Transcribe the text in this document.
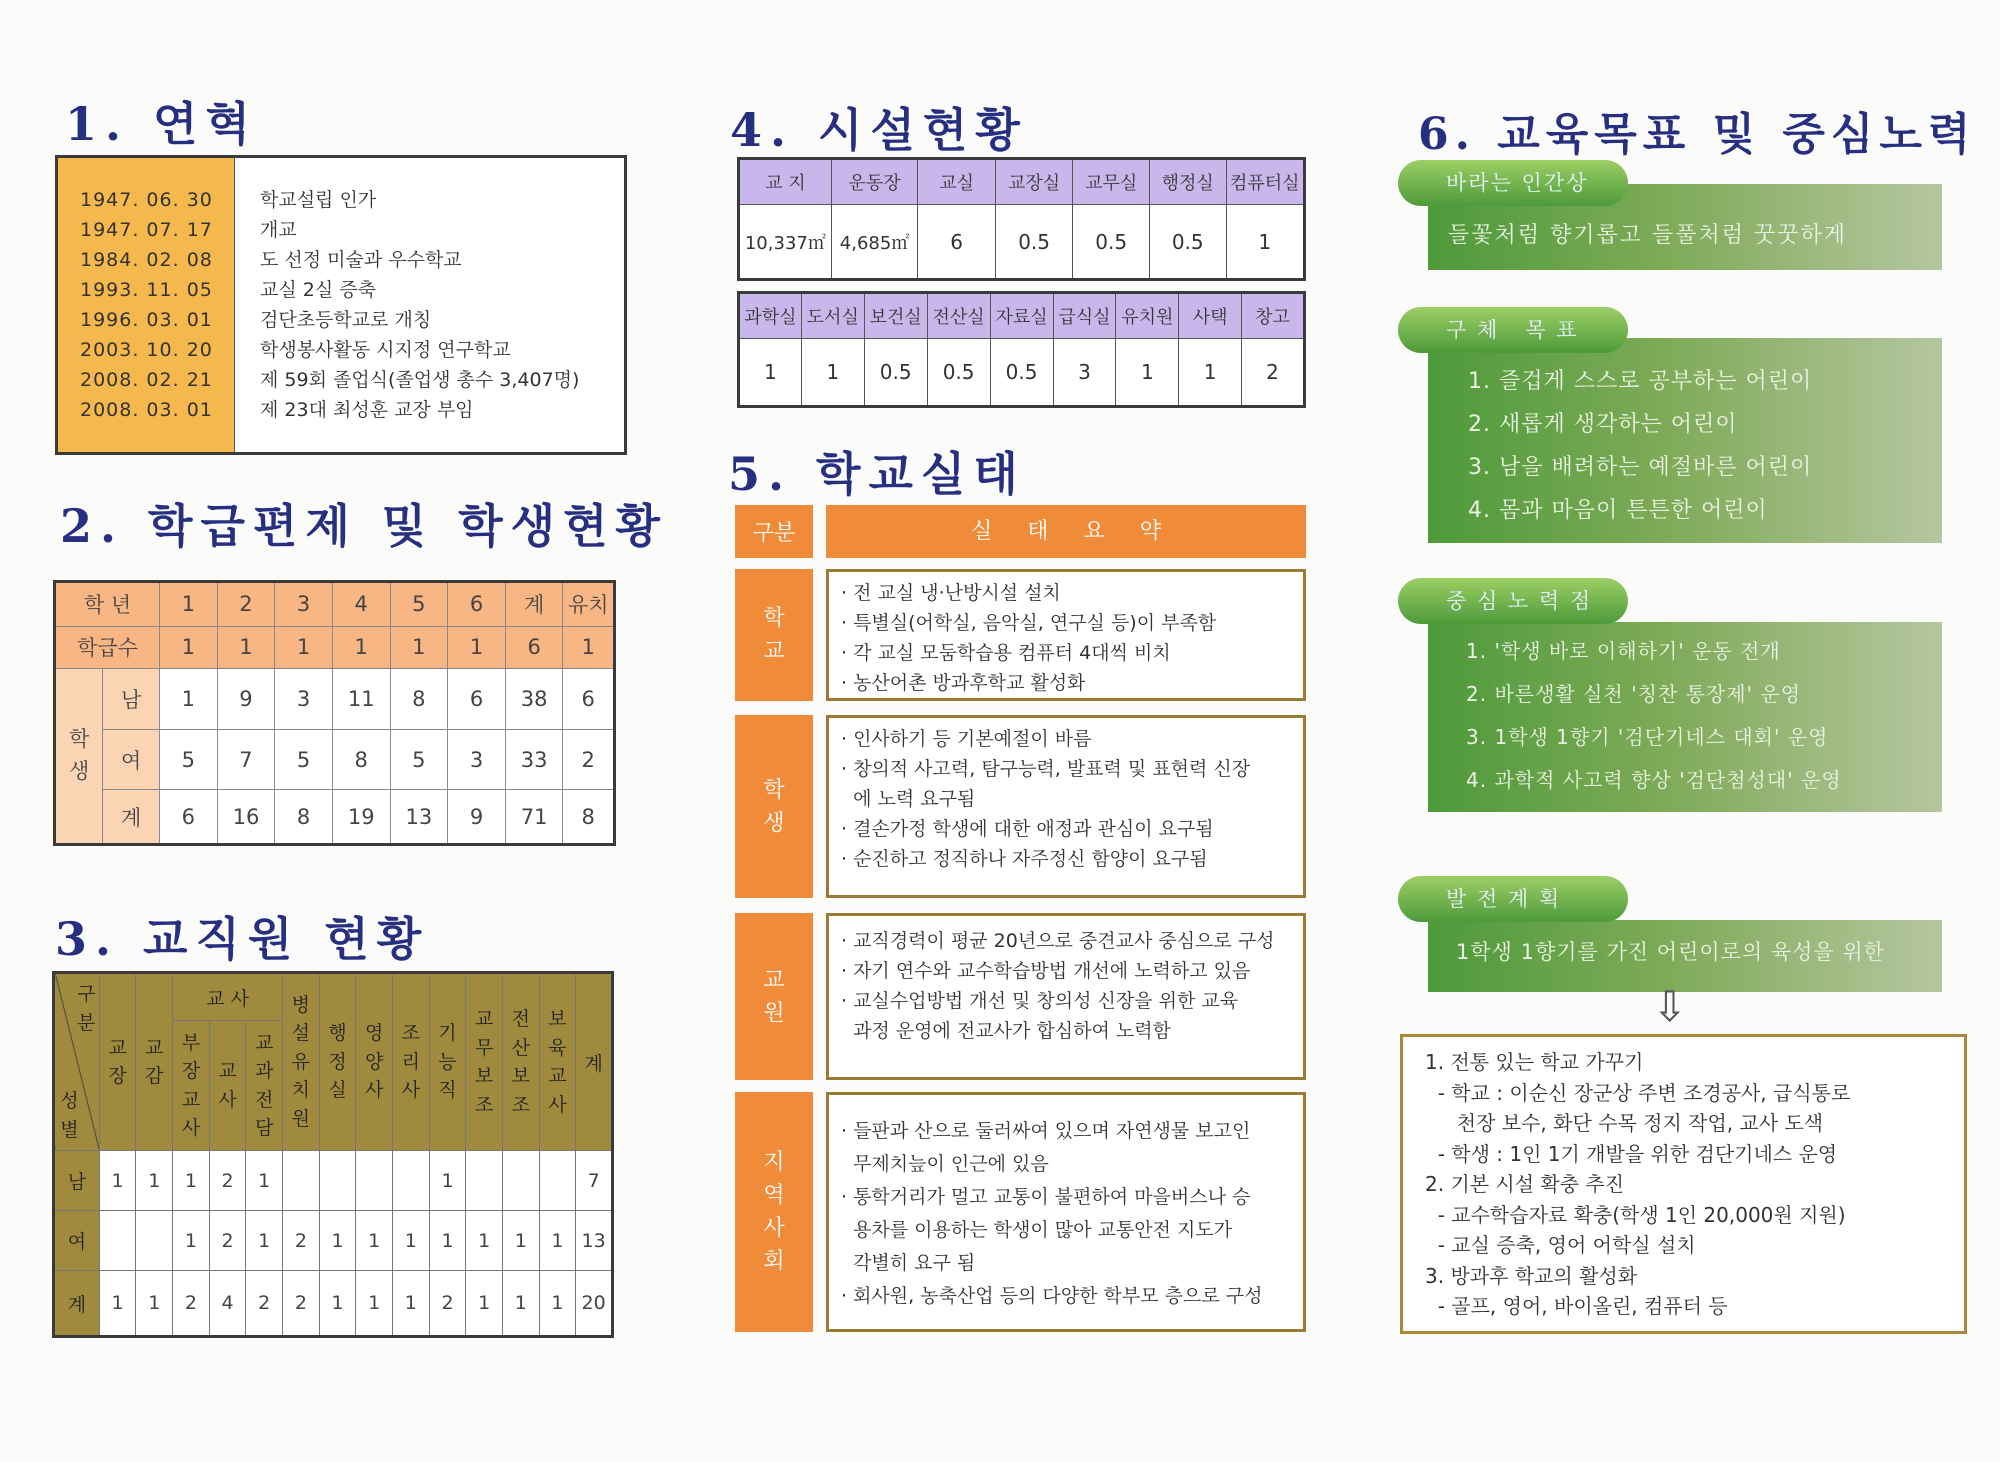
1. 연혁
1947. 06. 30 학교설립 인가
1947. 07. 17 개교
1984. 02. 08 도 선정 미술과 우수학교
1993. 11. 05 교실 2실 증축
1996. 03. 01 검단초등학교로 개칭
2003. 10. 20 학생봉사활동 시지정 연구학교
2008. 02. 21 제 59회 졸업식(졸업생 총수 3,407명)
2008. 03. 01 제 23대 최성훈 교장 부임
2. 학급편제 및 학생현황
학 년		1	2	3	4	5	6	계	유치
학급수		1	1	1	1	1	1	6	1
학생	남	1	9	3	11	8	6	38	6
	여	5	7	5	8	5	3	33	2
	계	6	16	8	19	13	9	71	8
3. 교직원 현황
구분
성별	교장	교감	교 사			병설유치원	행정실	영양사	조리사	기능직	교무보조	전산보조	보육교사	계
			부장교사	교사	교과전담									
남	1	1	1	2	1					1				7
여			1	2	1	2	1	1	1	1	1	1	1	13
계	1	1	2	4	2	2	1	1	1	2	1	1	1	20
4. 시설현황
교 지	운동장	교실	교장실	교무실	행정실	컴퓨터실
10,337㎡	4,685㎡	6	0.5	0.5	0.5	1
과학실	도서실	보건실	전산실	자료실	급식실	유치원	사택	창고
1	1	0.5	0.5	0.5	3	1	1	2
5. 학교실태
구분	실     태     요     약
학교
· 전 교실 냉·난방시설 설치
· 특별실(어학실, 음악실, 연구실 등)이 부족함
· 각 교실 모둠학습용 컴퓨터 4대씩 비치
· 농산어촌 방과후학교 활성화
학생
· 인사하기 등 기본예절이 바름
· 창의적 사고력, 탐구능력, 발표력 및 표현력 신장
에 노력 요구됨
· 결손가정 학생에 대한 애정과 관심이 요구됨
· 순진하고 정직하나 자주정신 함양이 요구됨
교원
· 교직경력이 평균 20년으로 중견교사 중심으로 구성
· 자기 연수와 교수학습방법 개선에 노력하고 있음
· 교실수업방법 개선 및 창의성 신장을 위한 교육
과정 운영에 전교사가 합심하여 노력함
지역사회
· 들판과 산으로 둘러싸여 있으며 자연생물 보고인
무제치늪이 인근에 있음
· 통학거리가 멀고 교통이 불편하여 마을버스나 승
용차를 이용하는 학생이 많아 교통안전 지도가
각별히 요구 됨
· 회사원, 농축산업 등의 다양한 학부모 층으로 구성
6. 교육목표 및 중심노력
들꽃처럼 향기롭고 들풀처럼 꿋꿋하게
바라는 인간상
1. 즐겁게 스스로 공부하는 어린이
2. 새롭게 생각하는 어린이
3. 남을 배려하는 예절바른 어린이
4. 몸과 마음이 튼튼한 어린이
구 체   목 표
1. '학생 바로 이해하기' 운동 전개
2. 바른생활 실천 '칭찬 통장제' 운영
3. 1학생 1향기 '검단기네스 대회' 운영
4. 과학적 사고력 향상 '검단첨성대' 운영
중 심 노 력 점
1학생 1향기를 가진 어린이로의 육성을 위한
발 전 계 획
⇩
1. 전통 있는 학교 가꾸기
- 학교 : 이순신 장군상 주변 조경공사, 급식통로
천장 보수, 화단 수목 정지 작업, 교사 도색
- 학생 : 1인 1기 개발을 위한 검단기네스 운영
2. 기본 시설 확충 추진
- 교수학습자료 확충(학생 1인 20,000원 지원)
- 교실 증축, 영어 어학실 설치
3. 방과후 학교의 활성화
- 골프, 영어, 바이올린, 컴퓨터 등
